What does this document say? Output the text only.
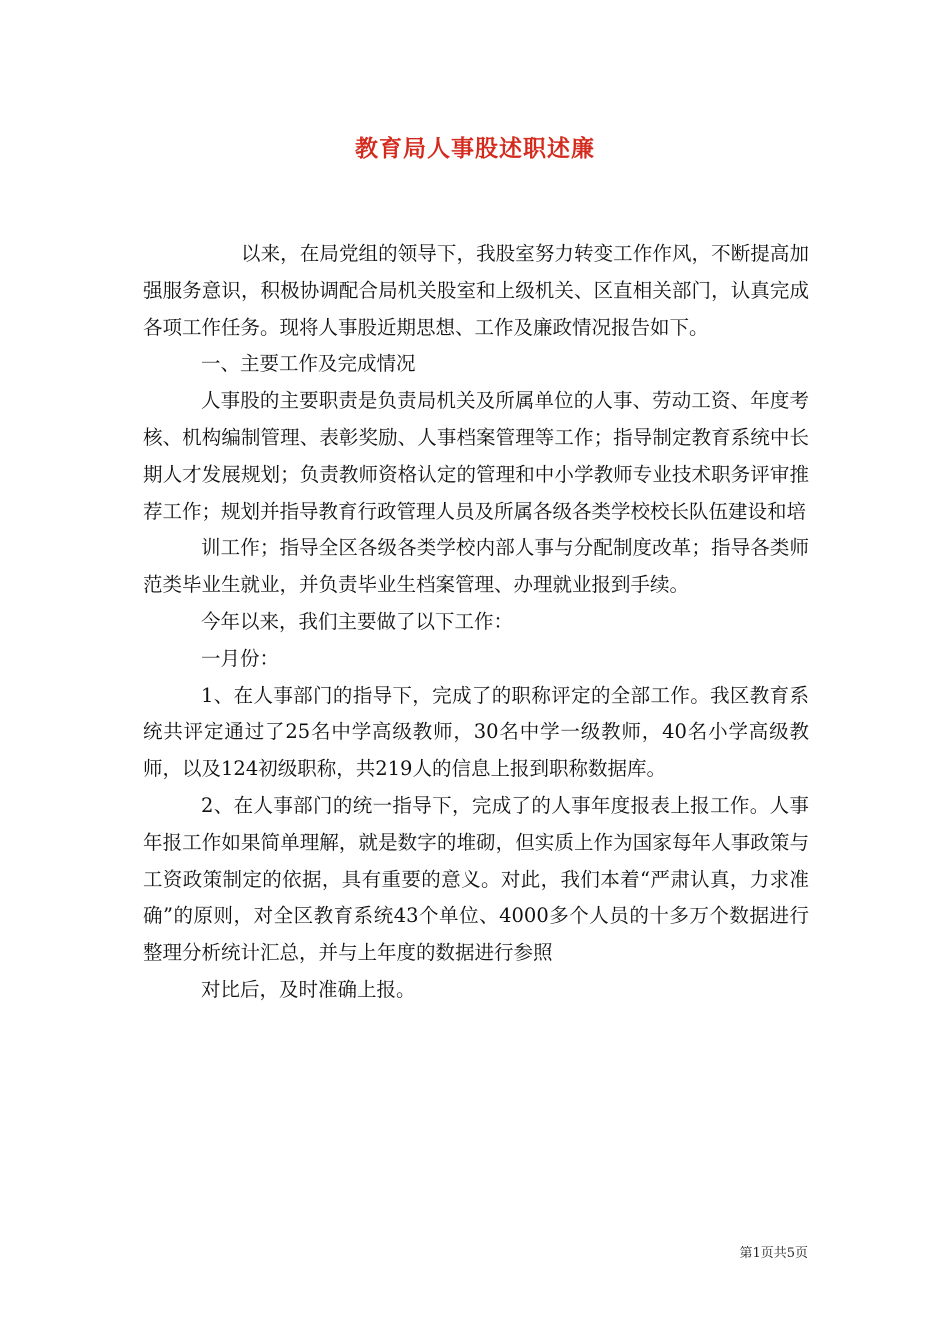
教育局人事股述职述廉

以来，在局党组的领导下，我股室努力转变工作作风，不断提高加强服务意识，积极协调配合局机关股室和上级机关、区直相关部门，认真完成各项工作任务。现将人事股近期思想、工作及廉政情况报告如下。

一、主要工作及完成情况

人事股的主要职责是负责局机关及所属单位的人事、劳动工资、年度考核、机构编制管理、表彰奖励、人事档案管理等工作；指导制定教育系统中长期人才发展规划；负责教师资格认定的管理和中小学教师专业技术职务评审推荐工作；规划并指导教育行政管理人员及所属各级各类学校校长队伍建设和培

训工作；指导全区各级各类学校内部人事与分配制度改革；指导各类师范类毕业生就业，并负责毕业生档案管理、办理就业报到手续。

今年以来，我们主要做了以下工作：

一月份：

1、在人事部门的指导下，完成了的职称评定的全部工作。我区教育系统共评定通过了25名中学高级教师，30名中学一级教师，40名小学高级教师，以及124初级职称，共219人的信息上报到职称数据库。

2、在人事部门的统一指导下，完成了的人事年度报表上报工作。人事年报工作如果简单理解，就是数字的堆砌，但实质上作为国家每年人事政策与工资政策制定的依据，具有重要的意义。对此，我们本着“严肃认真，力求准确”的原则，对全区教育系统43个单位、4000多个人员的十多万个数据进行整理分析统计汇总，并与上年度的数据进行参照

对比后，及时准确上报。

第1页共5页
